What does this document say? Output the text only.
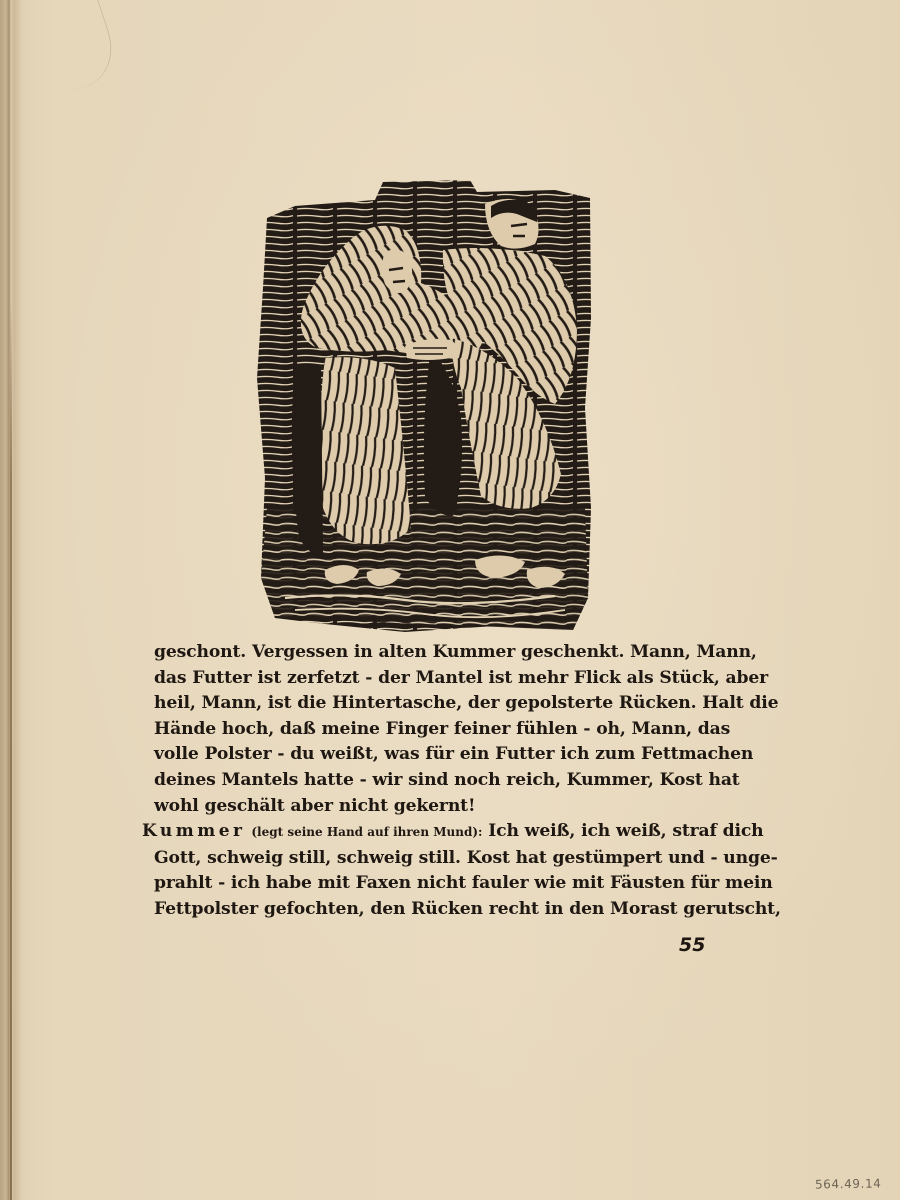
geschont. Vergessen in alten Kummer geschenkt. Mann, Mann,
das Futter ist zerfetzt - der Mantel ist mehr Flick als Stück, aber
heil, Mann, ist die Hintertasche, der gepolsterte Rücken. Halt die
Hände hoch, daß meine Finger feiner fühlen - oh, Mann, das
volle Polster - du weißt, was für ein Futter ich zum Fettmachen
deines Mantels hatte - wir sind noch reich, Kummer, Kost hat
wohl geschält aber nicht gekernt!

Kummer (legt seine Hand auf ihren Mund): Ich weiß, ich weiß, straf dich
Gott, schweig still, schweig still. Kost hat gestümpert und - unge-
prahlt - ich habe mit Faxen nicht fauler wie mit Fäusten für mein
Fettpolster gefochten, den Rücken recht in den Morast gerutscht,

55
564.49.14
